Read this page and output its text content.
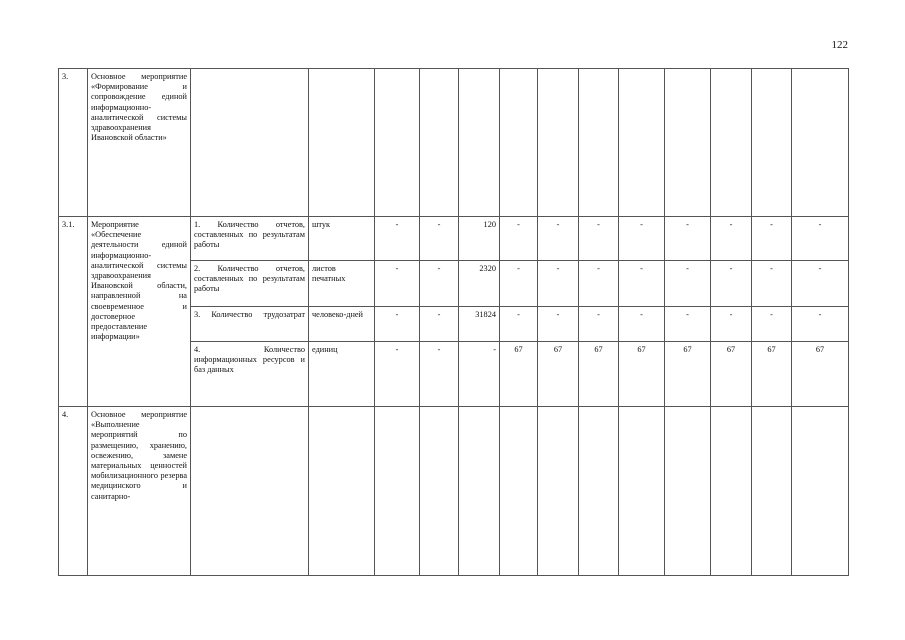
122
3.	Основное мероприятие «Формирование и сопровождение единой информационно-аналитической системы здравоохранения Ивановской области»													
3.1.	Мероприятие «Обеспечение деятельности единой информационно-аналитической системы здравоохранения Ивановской области, направленной на своевременное и достоверное предоставление информации»	1. Количество отчетов, составленных по результатам работы	штук	-	-	120	-	-	-	-	-	-	-	-
		2. Количество отчетов, составленных по результатам работы	листов печатных	-	-	2320	-	-	-	-	-	-	-	-
		3. Количество трудозатрат	человеко-дней	-	-	31824	-	-	-	-	-	-	-	-
		4. Количество информационных ресурсов и баз данных	единиц	-	-	-	67	67	67	67	67	67	67	67
4.	Основное мероприятие «Выполнение мероприятий по размещению, хранению, освежению, замене материальных ценностей мобилизационного резерва медицинского и санитарно-													
